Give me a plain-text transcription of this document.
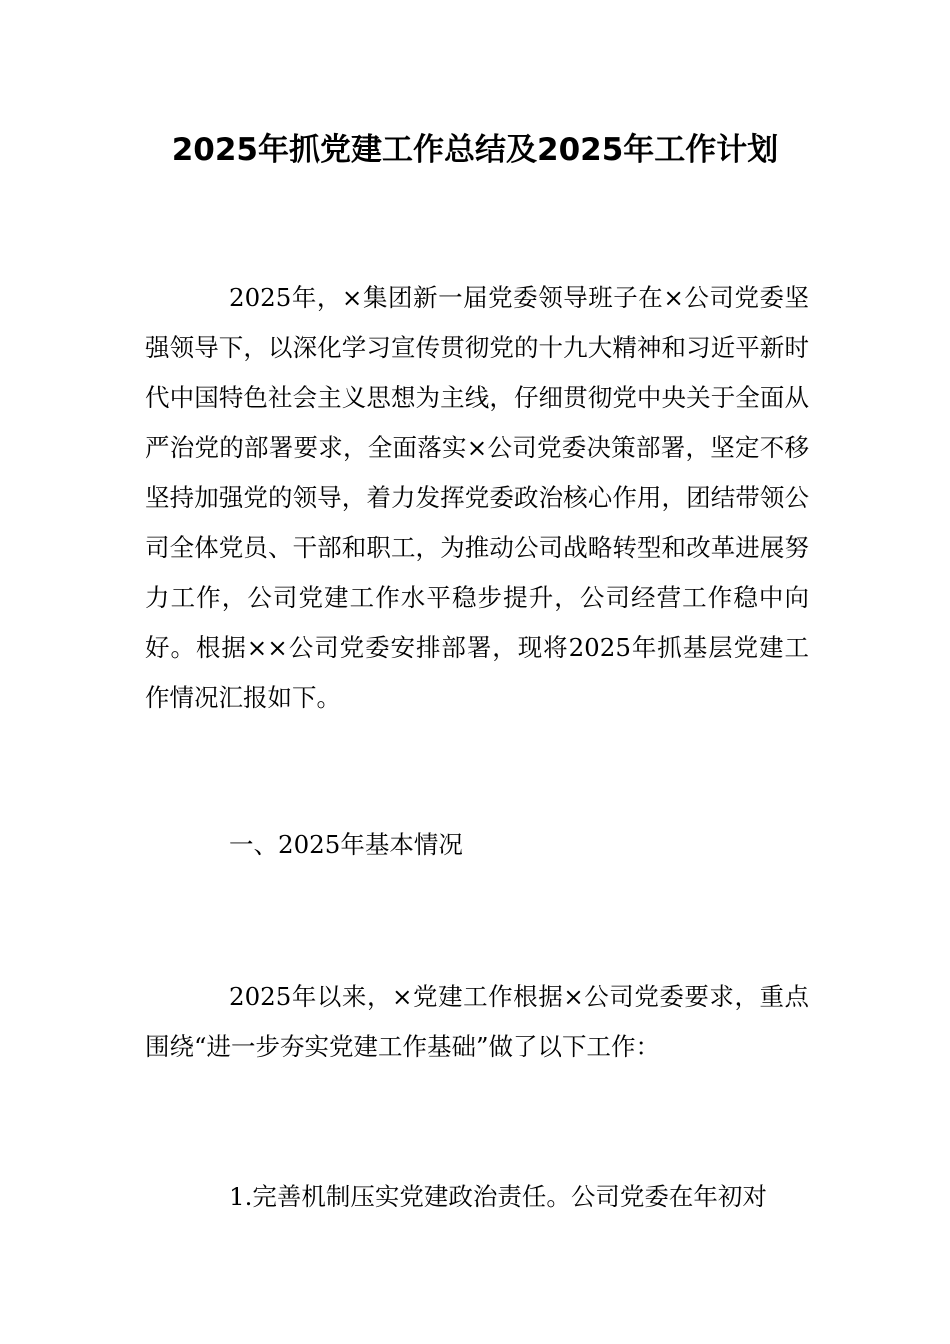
2025年抓党建工作总结及2025年工作计划

2025年，×集团新一届党委领导班子在×公司党委坚强领导下，以深化学习宣传贯彻党的十九大精神和习近平新时代中国特色社会主义思想为主线，仔细贯彻党中央关于全面从严治党的部署要求，全面落实×公司党委决策部署，坚定不移坚持加强党的领导，着力发挥党委政治核心作用，团结带领公司全体党员、干部和职工，为推动公司战略转型和改革进展努力工作，公司党建工作水平稳步提升，公司经营工作稳中向好。根据××公司党委安排部署，现将2025年抓基层党建工作情况汇报如下。

一、2025年基本情况

2025年以来，×党建工作根据×公司党委要求，重点围绕“进一步夯实党建工作基础”做了以下工作：

1.完善机制压实党建政治责任。公司党委在年初对
